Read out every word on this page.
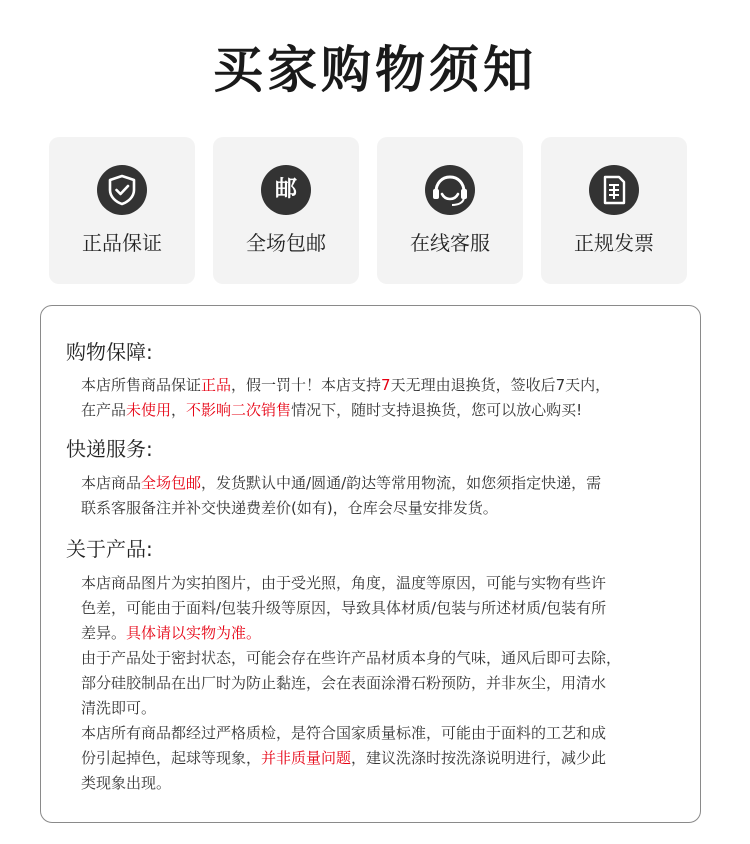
买家购物须知
正品保证
邮
全场包邮	在线客服	正规发票
购物保障:
本店所售商品保证正品，假一罚十！本店支持7天无理由退换货，签收后7天内，
在产品未使用，不影响二次销售情况下，随时支持退换货，您可以放心购买!
快递服务:
本店商品全场包邮，发货默认中通/圆通/韵达等常用物流，如您须指定快递，需
联系客服备注并补交快递费差价(如有)，仓库会尽量安排发货。
关于产品:
本店商品图片为实拍图片，由于受光照，角度，温度等原因，可能与实物有些许
色差，可能由于面料/包装升级等原因，导致具体材质/包装与所述材质/包装有所
差异。具体请以实物为准。
由于产品处于密封状态，可能会存在些许产品材质本身的气味，通风后即可去除，
部分硅胶制品在出厂时为防止黏连，会在表面涂滑石粉预防，并非灰尘，用清水
清洗即可。
本店所有商品都经过严格质检，是符合国家质量标准，可能由于面料的工艺和成
份引起掉色，起球等现象，并非质量问题，建议洗涤时按洗涤说明进行，减少此
类现象出现。
